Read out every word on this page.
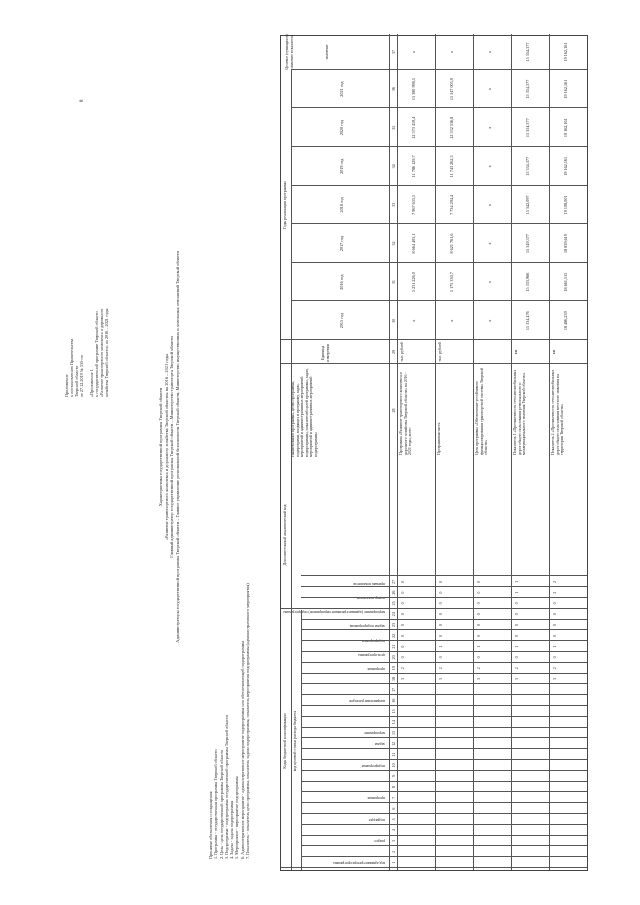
8
Приложение к постановлению Правительства Тверской области от 27.12.2019 № 535-пп «Приложение 1 к государственной программе Тверской области «Развитие транспортного комплекса и дорожного хозяйства Тверской области» на 2016 – 2021 годы
Характеристика государственной программы Тверской области «Развитие транспортного комплекса и дорожного хозяйства Тверской области» на 2016 – 2021 годы Главный администратор государственной программы Тверской области – Министерство транспорта Тверской области Администраторы государственной программы Тверской области – Главное управление региональной безопасности Тверской области, Министерство имущественных и земельных отношений Тверской области
Принятые обозначения и сокращения: 1. Программа - государственная программа Тверской области 2. Цель - цель государственной программы Тверской области 3. Подпрограмма - подпрограмма государственной программы Тверской области 4. Задача - задача подпрограммы 5. Мероприятие - мероприятие подпрограммы 6. Административное мероприятие - административное мероприятие подпрограммы или обеспечивающей подпрограммы 7. Показатель - показатель цели программы, показатель задачи подпрограммы, показатель мероприятия подпрограммы (административного мероприятия)	Коды бюджетной классификации код целевой статьи расхода бюджета
Дополнительный аналитический код
Наименование программы, целей программы, подпрограмм, входящих в программу, задач, мероприятий и административных мероприятий подпрограммы, показателей целей программы, задач, мероприятий и административных мероприятий подпрограммы
Единица измерения
Годы реализации программы
Целевое (суммарное) значение показателя	значение
2015 год
2016 год
2017 год
2018 год
2019 год
2020 год
2021 год
код администратора программы
раздел
подраздел
программа
подпрограмма
задача
мероприятие
направление расходов
программа
цель программы
подпрограмма
задача подпрограммы
мероприятие (административное мероприятие) подпрограммы
номер показателя
признак показателя
1
2
3
4
5
6
7
8
9
10
11
12
13
14
15
16
17
18
19
20
21
22
23
24
25
26
27
28
29
30
31
32
33
34
35
36
37
3
2
0
0
0
0
0
0
0
0
Программа «Развитие транспортного комплекса и дорожного хозяйства Тверской области» на 2016 - 2021 годы, всего
тыс. рублей
х
5 231 226,0
8 664 403,1
7 967 633,5
11 786 129,7
12 573 419,4
15 380 998,5
х
3
2
0
1
0
0
0
0
0
0
Программная часть
тыс. рублей
х
5 175 330,7
8 621 761,6
7 734 294,4
11 743 262,3
12 532 536,8
15 347 005,9
х
3
2
0
1
0
0
0
0
0
0
Цель программы «Обеспечение устойчивого функционирования транспортной системы Тверской области»
х
х
х
х
х
х
х
х
3
2
0
1
0
0
0
0
1
1
Показатель 1 «Протяженность сети автомобильных дорог общего пользования регионального и межмуниципального значения Тверской области»
км
15 334,476
15 333,966
15 349,377
15 342,097
15 334,377
15 354,377
15 354,377
15 354,377
3
2
0
1
0
0
0
0
2
2
Показатель 2 «Протяженность сети автомобильных дорог общего пользования местного значения на территории Тверской области»
км
18 486,239
18 661,515
18 839,619
19 108,001
19 162,161
19 162,161
19 162,161
19 162,161
